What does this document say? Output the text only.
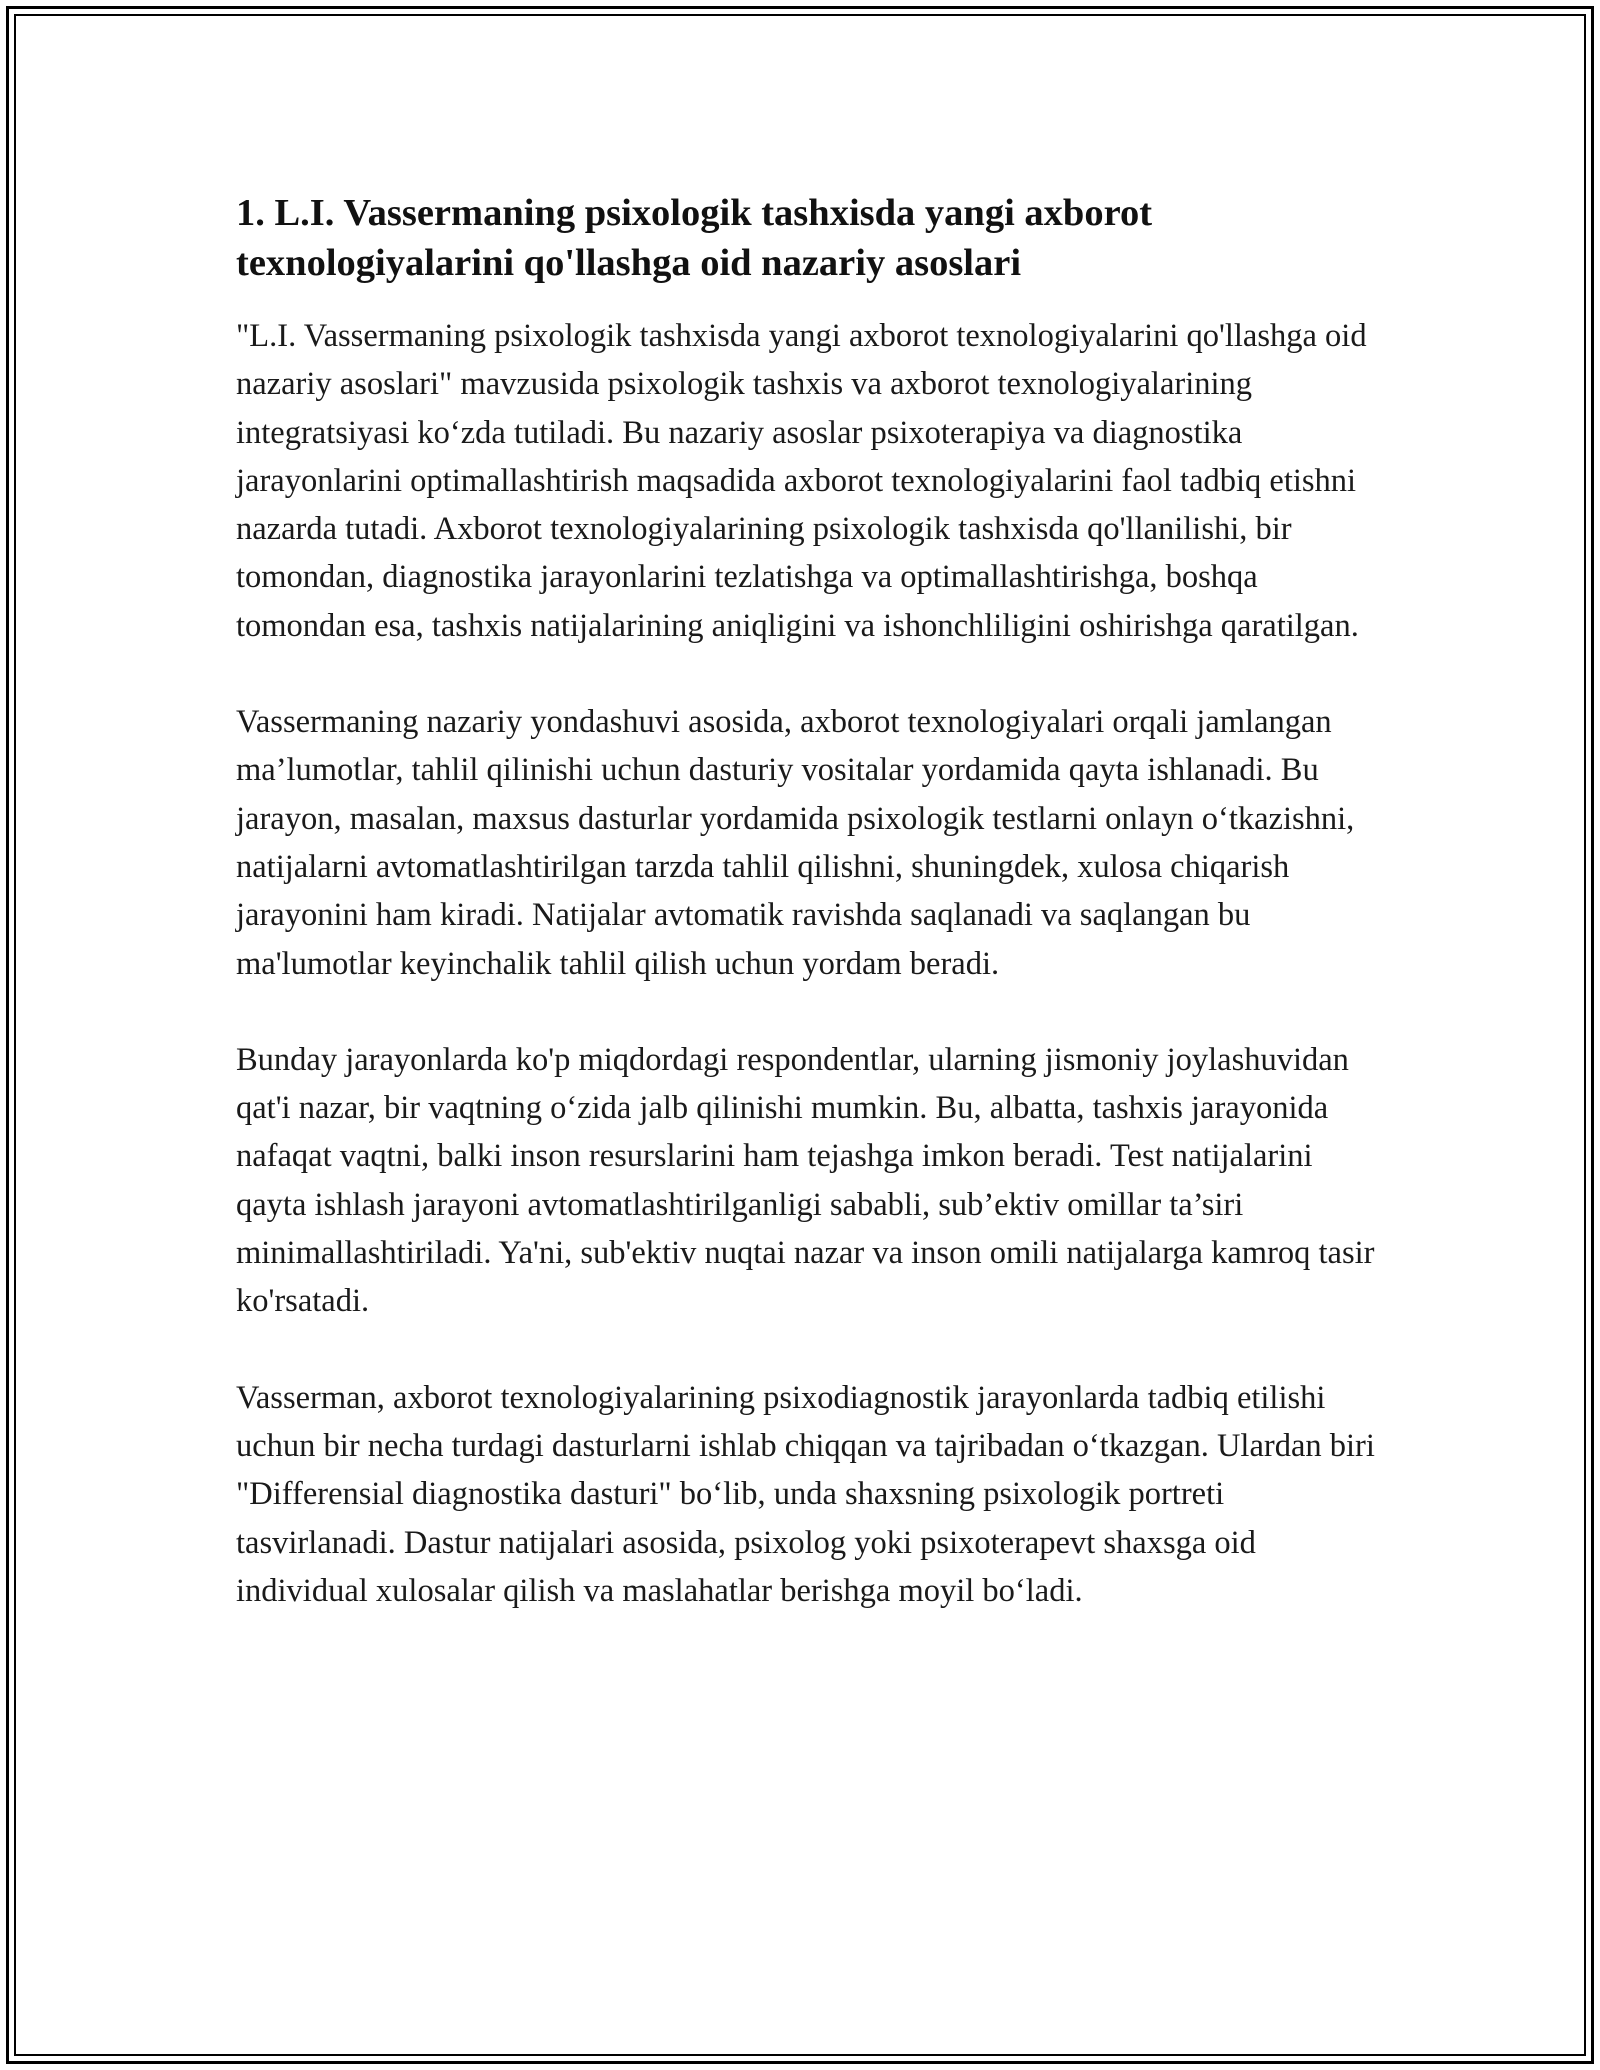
1. L.I. Vassermaning psixologik tashxisda yangi axborot texnologiyalarini qo'llashga oid nazariy asoslari

"L.I. Vassermaning psixologik tashxisda yangi axborot texnologiyalarini qo'llashga oid nazariy asoslari" mavzusida psixologik tashxis va axborot texnologiyalarining integratsiyasi ko‘zda tutiladi. Bu nazariy asoslar psixoterapiya va diagnostika jarayonlarini optimallashtirish maqsadida axborot texnologiyalarini faol tadbiq etishni nazarda tutadi. Axborot texnologiyalarining psixologik tashxisda qo'llanilishi, bir tomondan, diagnostika jarayonlarini tezlatishga va optimallashtirishga, boshqa tomondan esa, tashxis natijalarining aniqligini va ishonchliligini oshirishga qaratilgan.

Vassermaning nazariy yondashuvi asosida, axborot texnologiyalari orqali jamlangan ma’lumotlar, tahlil qilinishi uchun dasturiy vositalar yordamida qayta ishlanadi. Bu jarayon, masalan, maxsus dasturlar yordamida psixologik testlarni onlayn o‘tkazishni, natijalarni avtomatlashtirilgan tarzda tahlil qilishni, shuningdek, xulosa chiqarish jarayonini ham kiradi. Natijalar avtomatik ravishda saqlanadi va saqlangan bu ma'lumotlar keyinchalik tahlil qilish uchun yordam beradi.

Bunday jarayonlarda ko'p miqdordagi respondentlar, ularning jismoniy joylashuvidan qat'i nazar, bir vaqtning o‘zida jalb qilinishi mumkin. Bu, albatta, tashxis jarayonida nafaqat vaqtni, balki inson resurslarini ham tejashga imkon beradi. Test natijalarini qayta ishlash jarayoni avtomatlashtirilganligi sababli, sub’ektiv omillar ta’siri minimallashtiriladi. Ya'ni, sub'ektiv nuqtai nazar va inson omili natijalarga kamroq tasir ko'rsatadi.

Vasserman, axborot texnologiyalarining psixodiagnostik jarayonlarda tadbiq etilishi uchun bir necha turdagi dasturlarni ishlab chiqqan va tajribadan o‘tkazgan. Ulardan biri "Differensial diagnostika dasturi" bo‘lib, unda shaxsning psixologik portreti tasvirlanadi. Dastur natijalari asosida, psixolog yoki psixoterapevt shaxsga oid individual xulosalar qilish va maslahatlar berishga moyil bo‘ladi.
